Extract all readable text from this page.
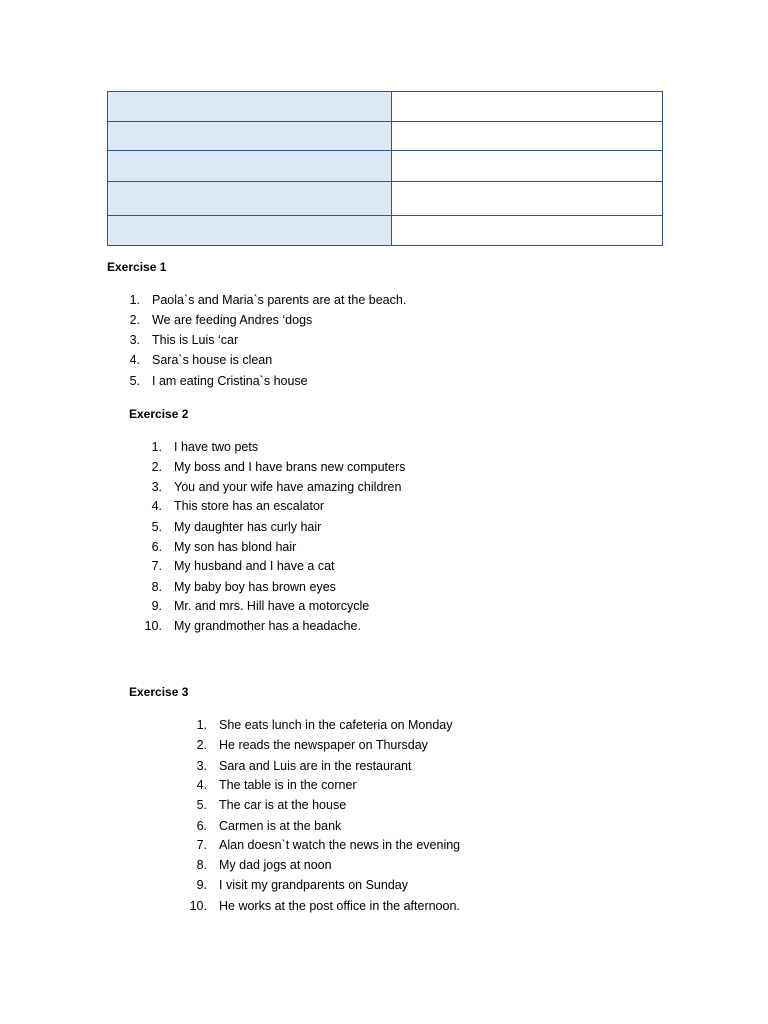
Exercise 1
1. Paola`s and Maria`s parents are at the beach.
2. We are feeding Andres ‘dogs
3. This is Luis ‘car
4. Sara`s house is clean
5. I am eating Cristina`s house
Exercise 2
1. I have two pets
2. My boss and I have brans new computers
3. You and your wife have amazing children
4. This store has an escalator
5. My daughter has curly hair
6. My son has blond hair
7. My husband and I have a cat
8. My baby boy has brown eyes
9. Mr. and mrs. Hill have a motorcycle
10. My grandmother has a headache.
Exercise 3
1. She eats lunch in the cafeteria on Monday
2. He reads the newspaper on Thursday
3. Sara and Luis are in the restaurant
4. The table is in the corner
5. The car is at the house
6. Carmen is at the bank
7. Alan doesn`t watch the news in the evening
8. My dad jogs at noon
9. I visit my grandparents on Sunday
10. He works at the post office in the afternoon.
